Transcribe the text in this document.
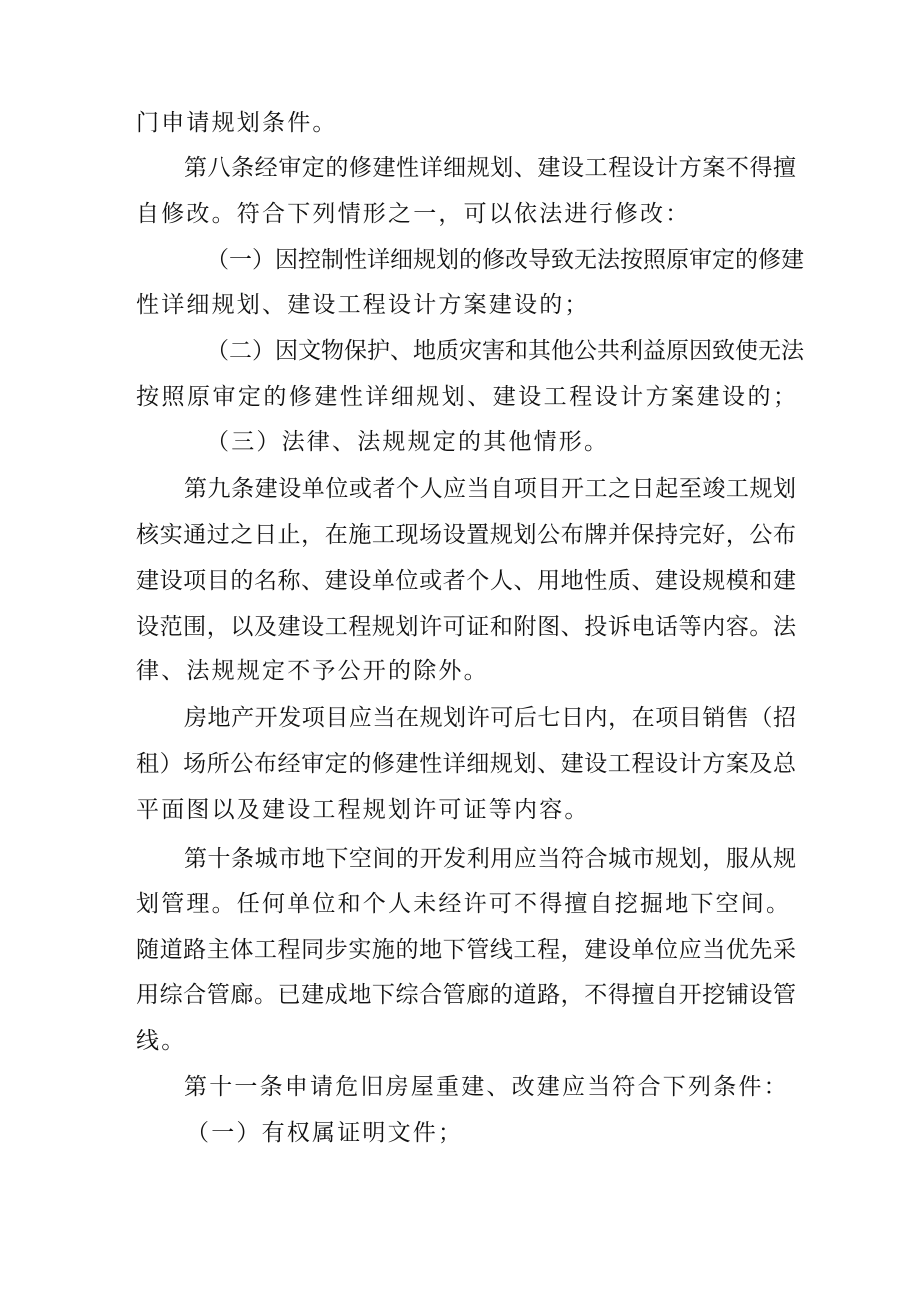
门申请规划条件。
第八条经审定的修建性详细规划、建设工程设计方案不得擅
自修改。符合下列情形之一，可以依法进行修改：
（一）因控制性详细规划的修改导致无法按照原审定的修建
性详细规划、建设工程设计方案建设的；
（二）因文物保护、地质灾害和其他公共利益原因致使无法
按照原审定的修建性详细规划、建设工程设计方案建设的；
（三）法律、法规规定的其他情形。
第九条建设单位或者个人应当自项目开工之日起至竣工规划
核实通过之日止，在施工现场设置规划公布牌并保持完好，公布
建设项目的名称、建设单位或者个人、用地性质、建设规模和建
设范围，以及建设工程规划许可证和附图、投诉电话等内容。法
律、法规规定不予公开的除外。
房地产开发项目应当在规划许可后七日内，在项目销售（招
租）场所公布经审定的修建性详细规划、建设工程设计方案及总
平面图以及建设工程规划许可证等内容。
第十条城市地下空间的开发利用应当符合城市规划，服从规
划管理。任何单位和个人未经许可不得擅自挖掘地下空间。
随道路主体工程同步实施的地下管线工程，建设单位应当优先采
用综合管廊。已建成地下综合管廊的道路，不得擅自开挖铺设管
线。
第十一条申请危旧房屋重建、改建应当符合下列条件：
（一）有权属证明文件；
